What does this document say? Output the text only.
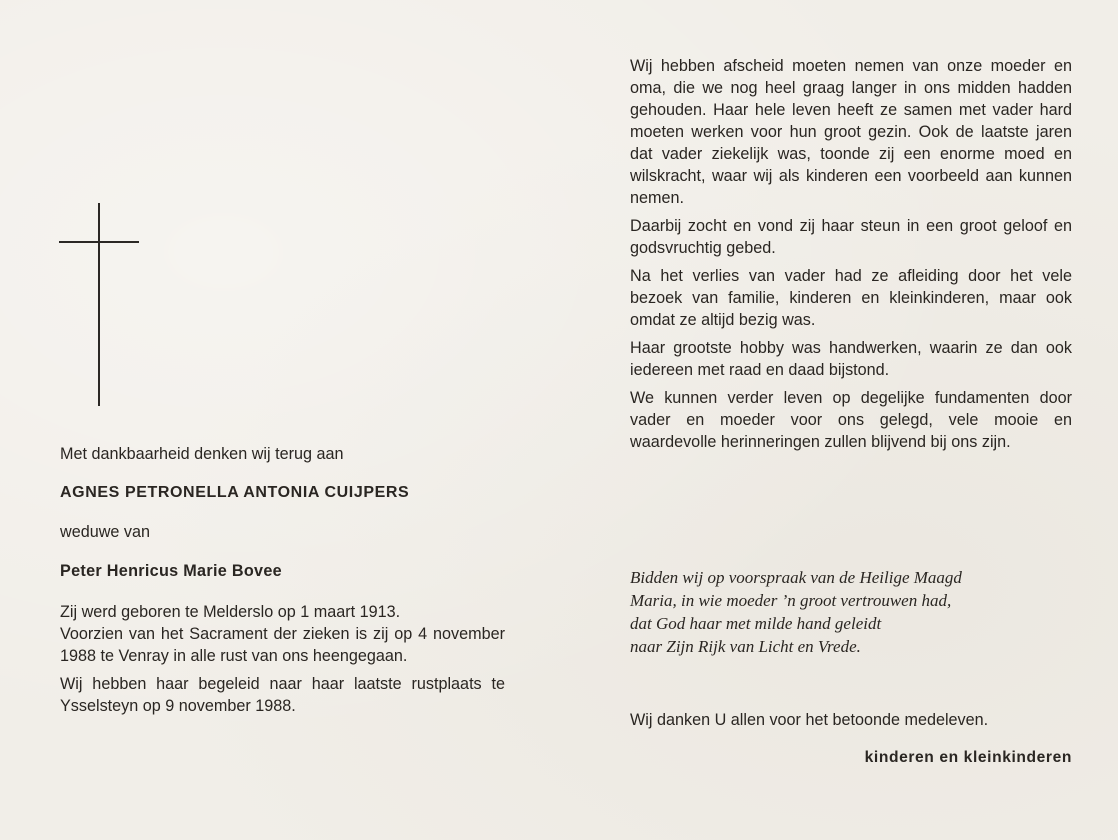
Met dankbaarheid denken wij terug aan

AGNES PETRONELLA ANTONIA CUIJPERS

weduwe van

Peter Henricus Marie Bovee

Zij werd geboren te Melderslo op 1 maart 1913.

Voorzien van het Sacrament der zieken is zij op 4 november 1988 te Venray in alle rust van ons heengegaan.

Wij hebben haar begeleid naar haar laatste rustplaats te Ysselsteyn op 9 november 1988.

Wij hebben afscheid moeten nemen van onze moeder en oma, die we nog heel graag langer in ons midden hadden gehouden. Haar hele leven heeft ze samen met vader hard moeten werken voor hun groot gezin. Ook de laatste jaren dat vader ziekelijk was, toonde zij een enorme moed en wilskracht, waar wij als kinderen een voorbeeld aan kunnen nemen.

Daarbij zocht en vond zij haar steun in een groot geloof en godsvruchtig gebed.

Na het verlies van vader had ze afleiding door het vele bezoek van familie, kinderen en kleinkinderen, maar ook omdat ze altijd bezig was.

Haar grootste hobby was handwerken, waarin ze dan ook iedereen met raad en daad bijstond.

We kunnen verder leven op degelijke fundamenten door vader en moeder voor ons gelegd, vele mooie en waardevolle herinneringen zullen blijvend bij ons zijn.

Bidden wij op voorspraak van de Heilige Maagd
Maria, in wie moeder ’n groot vertrouwen had,
dat God haar met milde hand geleidt
naar Zijn Rijk van Licht en Vrede.

Wij danken U allen voor het betoonde medeleven.

kinderen en kleinkinderen
